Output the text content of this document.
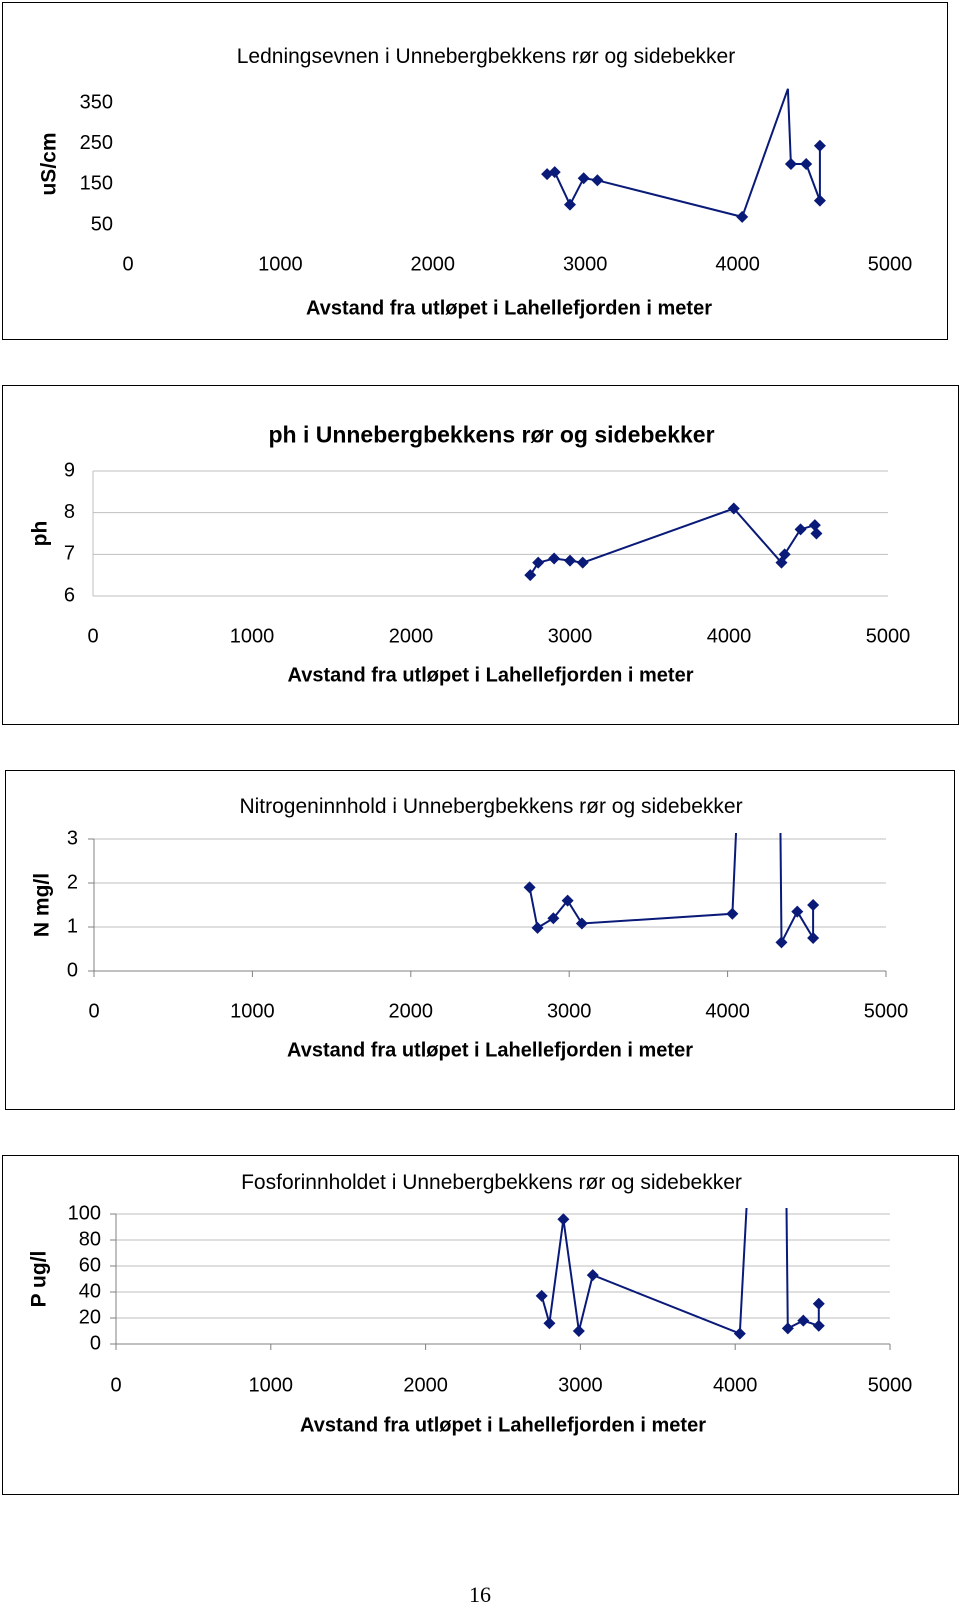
Ledningsevnen i Unnebergbekkens rør og sidebekker
0	1000	2000	3000	4000	5000
50
150
250
350
Avstand fra utløpet i Lahellefjorden i meter
uS/cm
ph i Unnebergbekkens rør og sidebekker
0	1000	2000	3000	4000	5000
6
7
8
9
Avstand fra utløpet i Lahellefjorden i meter
ph
Nitrogeninnhold i Unnebergbekkens rør og sidebekker
0	1000	2000	3000	4000	5000
0
1
2
3
Avstand fra utløpet i Lahellefjorden i meter
N mg/l
Fosforinnholdet i Unnebergbekkens rør og sidebekker
0	1000	2000	3000	4000	5000
0
20
40
60
80
100
Avstand fra utløpet i Lahellefjorden i meter
P ug/l
16
